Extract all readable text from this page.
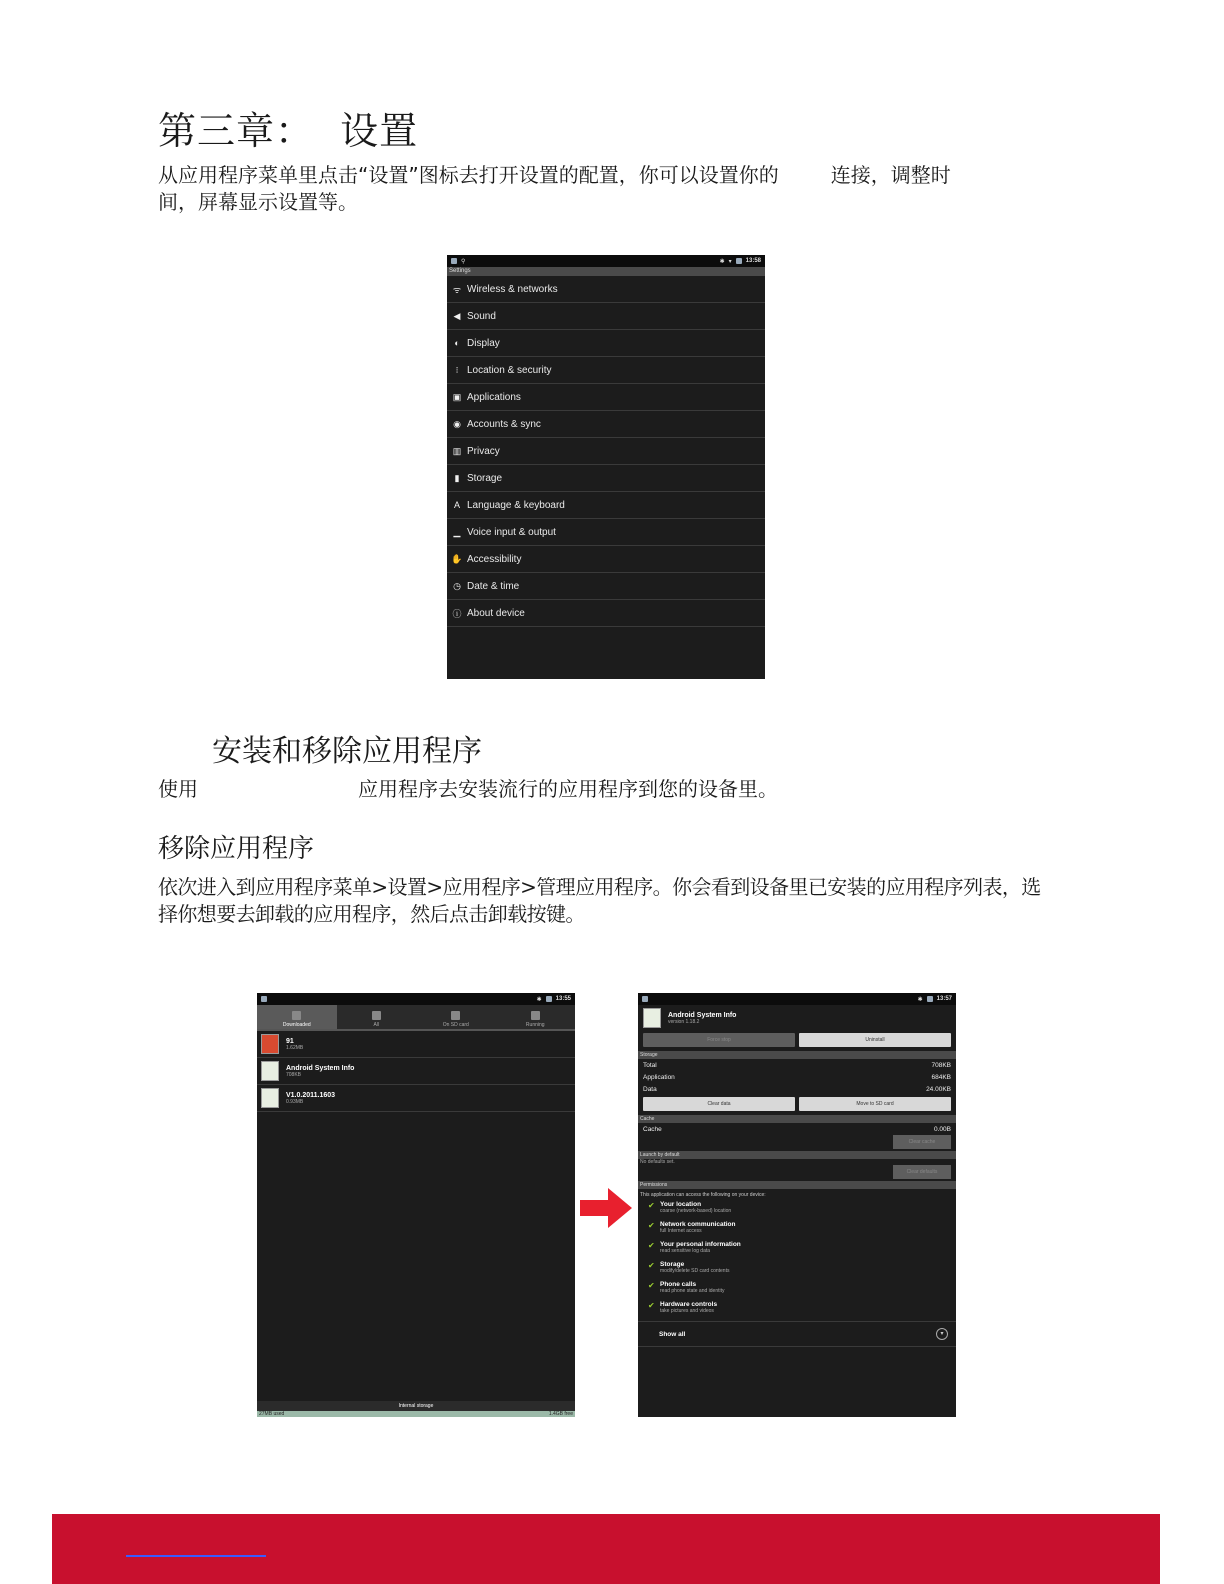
第三章：  设置
从应用程序菜单里点击“设置”图标去打开设置的配置，你可以设置你的	连接，调整时
间，屏幕显示设置等。
⚲	✱ ▾ 13:58
Settings
ᯤ Wireless & networks
◀ Sound
◐ Display
⁝ Location & security
▣ Applications
◉ Accounts & sync
▥ Privacy
▮ Storage
A Language & keyboard
▁ Voice input & output
✋ Accessibility
◷ Date & time
ⓘ About device
安装和移除应用程序
使用	应用程序去安装流行的应用程序到您的设备里。
移除应用程序
依次进入到应用程序菜单>设置>应用程序>管理应用程序。你会看到设备里已安装的应用程序列表，选
择你想要去卸载的应用程序，然后点击卸载按键。
✱ 13:55
Downloaded	All	On SD card	Running
91
1.62MB
Android System Info
708KB
V1.0.2011.1603
0.93MB
Internal storage
27MB used	1.4GB free
✱ 13:57
Android System Info
version 1.18.2
Force stop	Uninstall
Storage
Total	708KB
Application	684KB
Data	24.00KB
Clear data	Move to SD card
Cache
Cache	0.00B
Clear cache
Launch by default
No defaults set.
Clear defaults
Permissions
This application can access the following on your device:
✔ Your location
coarse (network-based) location
✔ Network communication
full Internet access
✔ Your personal information
read sensitive log data
✔ Storage
modify/delete SD card contents
✔ Phone calls
read phone state and identity
✔ Hardware controls
take pictures and videos
Show all	▾
